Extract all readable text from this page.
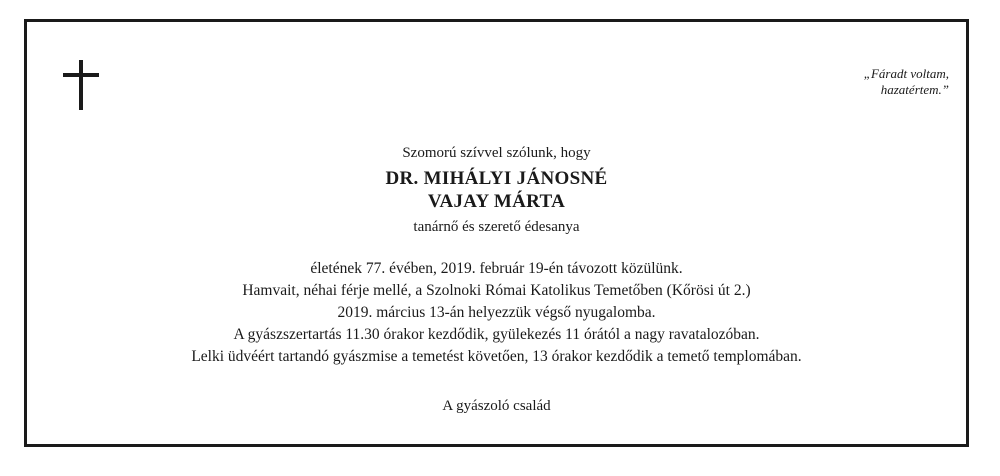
„Fáradt voltam,
hazatértem.”
Szomorú szívvel szólunk, hogy
DR. MIHÁLYI JÁNOSNÉ
VAJAY MÁRTA
tanárnő és szerető édesanya
életének 77. évében, 2019. február 19-én távozott közülünk.
Hamvait, néhai férje mellé, a Szolnoki Római Katolikus Temetőben (Kőrösi út 2.)
2019. március 13-án helyezzük végső nyugalomba.
A gyászszertartás 11.30 órakor kezdődik, gyülekezés 11 órától a nagy ravatalozóban.
Lelki üdvéért tartandó gyászmise a temetést követően, 13 órakor kezdődik a temető templomában.
A gyászoló család
